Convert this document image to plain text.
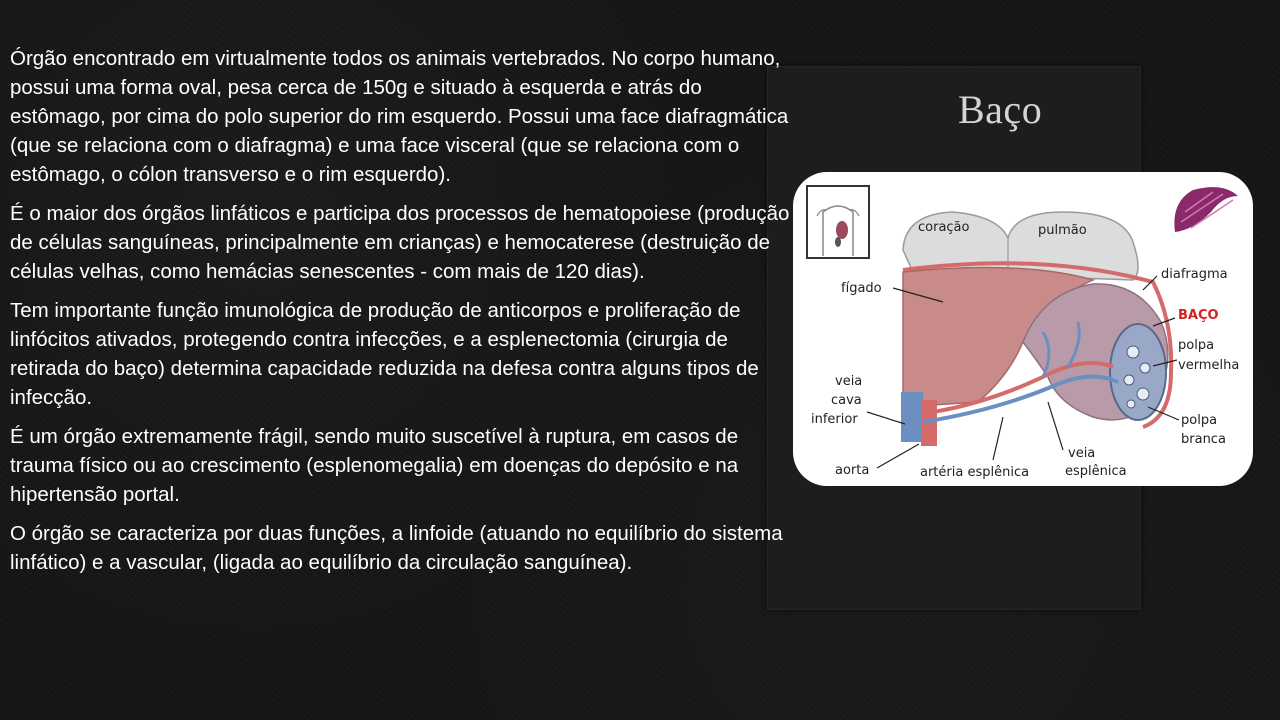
Baço

Órgão encontrado em virtualmente todos os animais vertebrados. No corpo humano, possui uma forma oval, pesa cerca de 150g e situado à esquerda e atrás do estômago, por cima do polo superior do rim esquerdo. Possui uma face diafragmática (que se relaciona com o diafragma) e uma face visceral (que se relaciona com o estômago, o cólon transverso e o rim esquerdo).

É o maior dos órgãos linfáticos e participa dos processos de hematopoiese (produção de células sanguíneas, principalmente em crianças) e hemocaterese (destruição de células velhas, como hemácias senescentes - com mais de 120 dias).

Tem importante função imunológica de produção de anticorpos e proliferação de linfócitos ativados, protegendo contra infecções, e a esplenectomia (cirurgia de retirada do baço) determina capacidade reduzida na defesa contra alguns tipos de infecção.

É um órgão extremamente frágil, sendo muito suscetível à ruptura, em casos de trauma físico ou ao crescimento (esplenomegalia) em doenças do depósito e na hipertensão portal.

O órgão se caracteriza por duas funções, a linfoide (atuando no equilíbrio do sistema linfático) e a vascular, (ligada ao equilíbrio da circulação sanguínea).

coração	pulmão
fígado
diafragma
BAÇO
polpa
vermelha
polpa
branca
veia
cava
inferior
aorta	artéria esplênica
veia
esplênica
